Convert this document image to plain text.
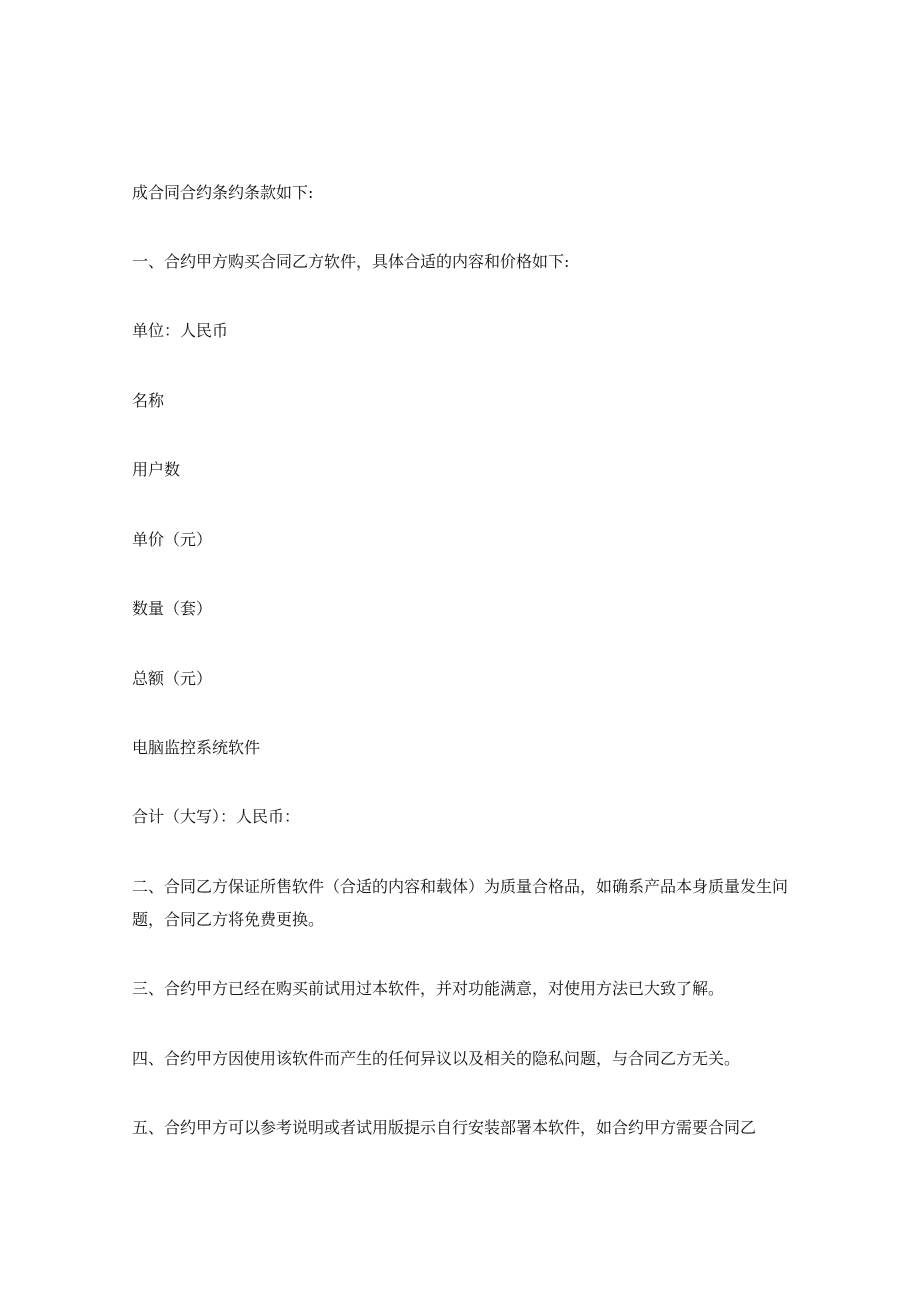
成合同合约条约条款如下:

一、合约甲方购买合同乙方软件，具体合适的内容和价格如下:

单位：人民币

名称

用户数

单价（元）

数量（套）

总额（元）

电脑监控系统软件

合计（大写）：人民币：

二、合同乙方保证所售软件（合适的内容和载体）为质量合格品，如确系产品本身质量发生问题，合同乙方将免费更换。

三、合约甲方已经在购买前试用过本软件，并对功能满意，对使用方法已大致了解。

四、合约甲方因使用该软件而产生的任何异议以及相关的隐私问题，与合同乙方无关。

五、合约甲方可以参考说明或者试用版提示自行安装部署本软件，如合约甲方需要合同乙
